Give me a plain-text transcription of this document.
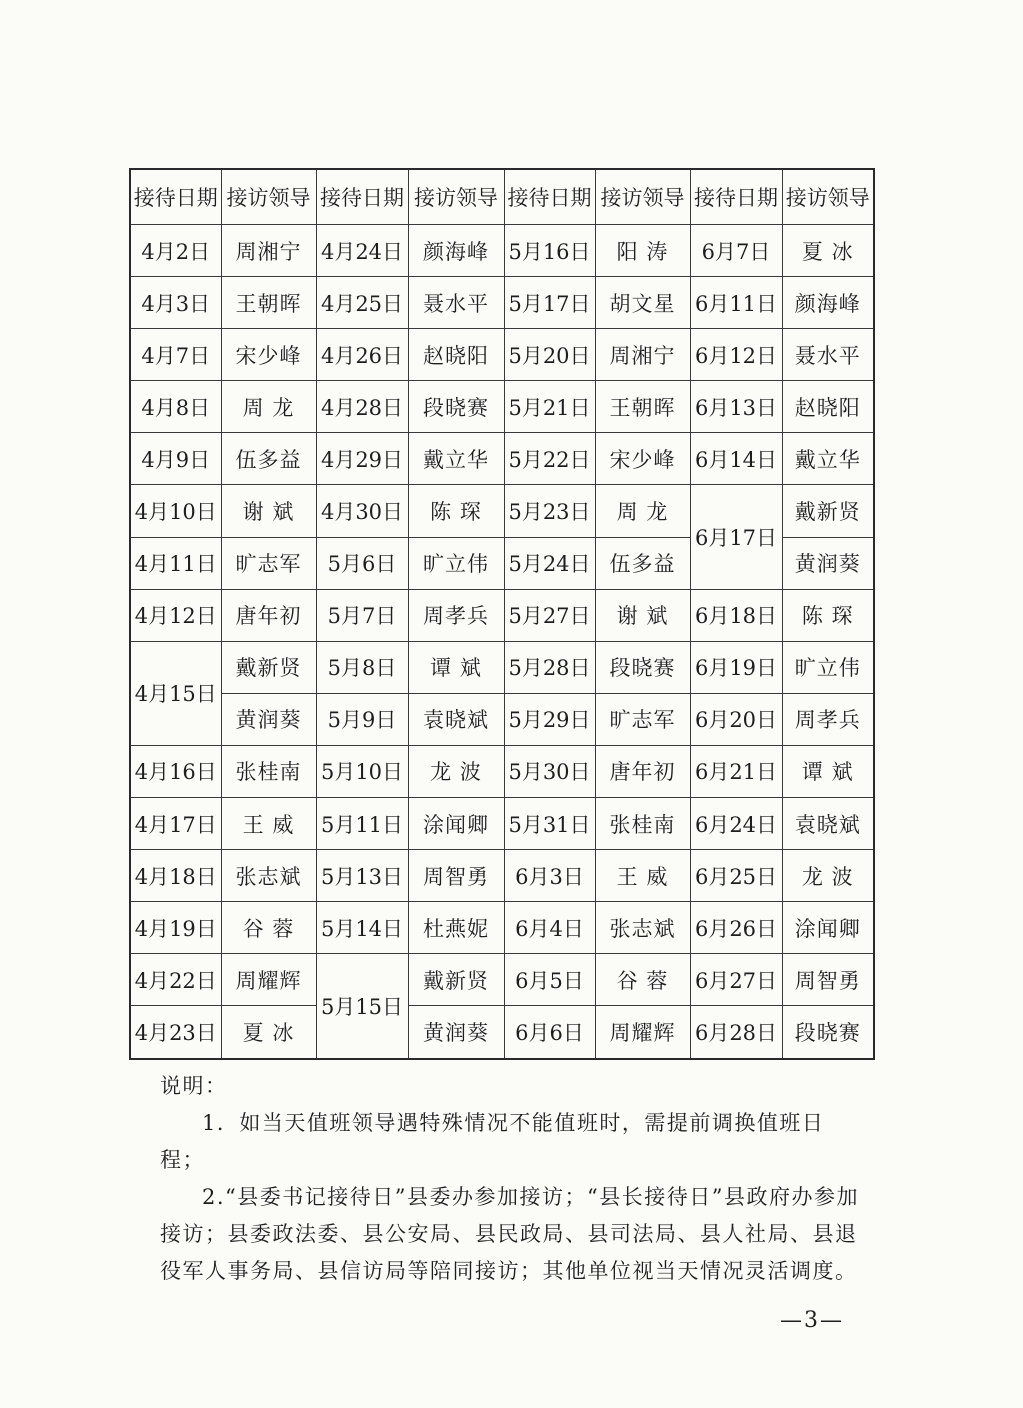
接待日期	接访领导	接待日期	接访领导	接待日期	接访领导	接待日期	接访领导
4月2日	周湘宁	4月24日	颜海峰	5月16日	阳 涛	6月7日	夏 冰
4月3日	王朝晖	4月25日	聂水平	5月17日	胡文星	6月11日	颜海峰
4月7日	宋少峰	4月26日	赵晓阳	5月20日	周湘宁	6月12日	聂水平
4月8日	周 龙	4月28日	段晓赛	5月21日	王朝晖	6月13日	赵晓阳
4月9日	伍多益	4月29日	戴立华	5月22日	宋少峰	6月14日	戴立华
4月10日	谢 斌	4月30日	陈 琛	5月23日	周 龙	6月17日	戴新贤
4月11日	旷志军	5月6日	旷立伟	5月24日	伍多益		黄润葵
4月12日	唐年初	5月7日	周孝兵	5月27日	谢 斌	6月18日	陈 琛
4月15日	戴新贤	5月8日	谭 斌	5月28日	段晓赛	6月19日	旷立伟
	黄润葵	5月9日	袁晓斌	5月29日	旷志军	6月20日	周孝兵
4月16日	张桂南	5月10日	龙 波	5月30日	唐年初	6月21日	谭 斌
4月17日	王 威	5月11日	涂闻卿	5月31日	张桂南	6月24日	袁晓斌
4月18日	张志斌	5月13日	周智勇	6月3日	王 威	6月25日	龙 波
4月19日	谷 蓉	5月14日	杜燕妮	6月4日	张志斌	6月26日	涂闻卿
4月22日	周耀辉	5月15日	戴新贤	6月5日	谷 蓉	6月27日	周智勇
4月23日	夏 冰		黄润葵	6月6日	周耀辉	6月28日	段晓赛

说明：

1．如当天值班领导遇特殊情况不能值班时，需提前调换值班日程；

2.“县委书记接待日”县委办参加接访；“县长接待日”县政府办参加接访；县委政法委、县公安局、县民政局、县司法局、县人社局、县退役军人事务局、县信访局等陪同接访；其他单位视当天情况灵活调度。

—3—
